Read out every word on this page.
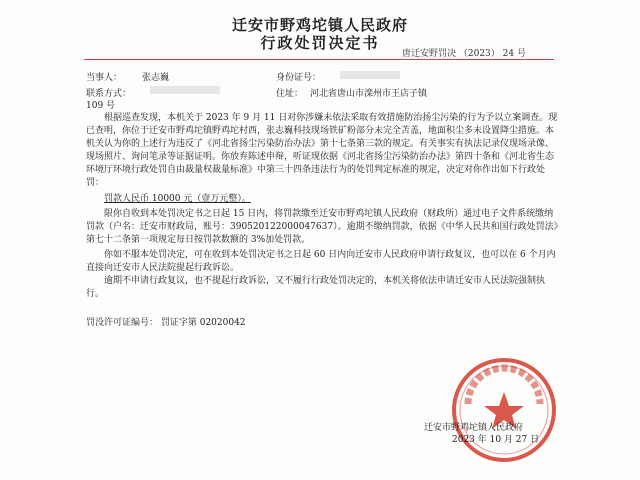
迁安市野鸡坨镇人民政府
行政处罚决定书
唐迁安野罚决 （2023） 24 号
当事人： 张志巍	身份证号：
联系方式：	住址： 河北省唐山市滦州市王店子镇
109 号

根据巡查发现，本机关于 2023 年 9 月 11 日对你涉嫌未依法采取有效措施防治扬尘污染的行为予以立案调查。现已查明，你位于迁安市野鸡坨镇野鸡坨村西，张志巍科技现场铁矿粉部分未完全苫盖，地面积尘多未设置降尘措施。本机关认为你的上述行为违反了《河北省扬尘污染防治办法》第十七条第三款的规定。有关事实有执法记录仪现场录像、现场照片、询问笔录等证据证明。你放弃陈述申辩，听证现依据《河北省扬尘污染防治办法》第四十条和《河北省生态环境厅环境行政处罚自由裁量权裁量标准》中第三十四条违法行为的处罚判定标准的规定，决定对你作出如下行政处罚：

罚款人民币 10000 元（壹万元整）。

限你自收到本处罚决定书之日起 15 日内，将罚款缴至迁安市野鸡坨镇人民政府（财政所）通过电子文件系统缴纳罚款（户名：迁安市财政局，账号：390520122000047637）。逾期不缴纳罚款，依据《中华人民共和国行政处罚法》第七十二条第一项规定每日按罚款数额的 3%加处罚款。

你如不服本处罚决定，可在收到本处罚决定书之日起 60 日内向迁安市人民政府申请行政复议，也可以在 6 个月内直接向迁安市人民法院提起行政诉讼。

逾期不申请行政复议，也不提起行政诉讼，又不履行行政处罚决定的，本机关将依法申请迁安市人民法院强制执行。

罚没许可证编号： 罚证字第 02020042

迁安市野鸡坨镇人民政府
2023 年 10 月 27 日
